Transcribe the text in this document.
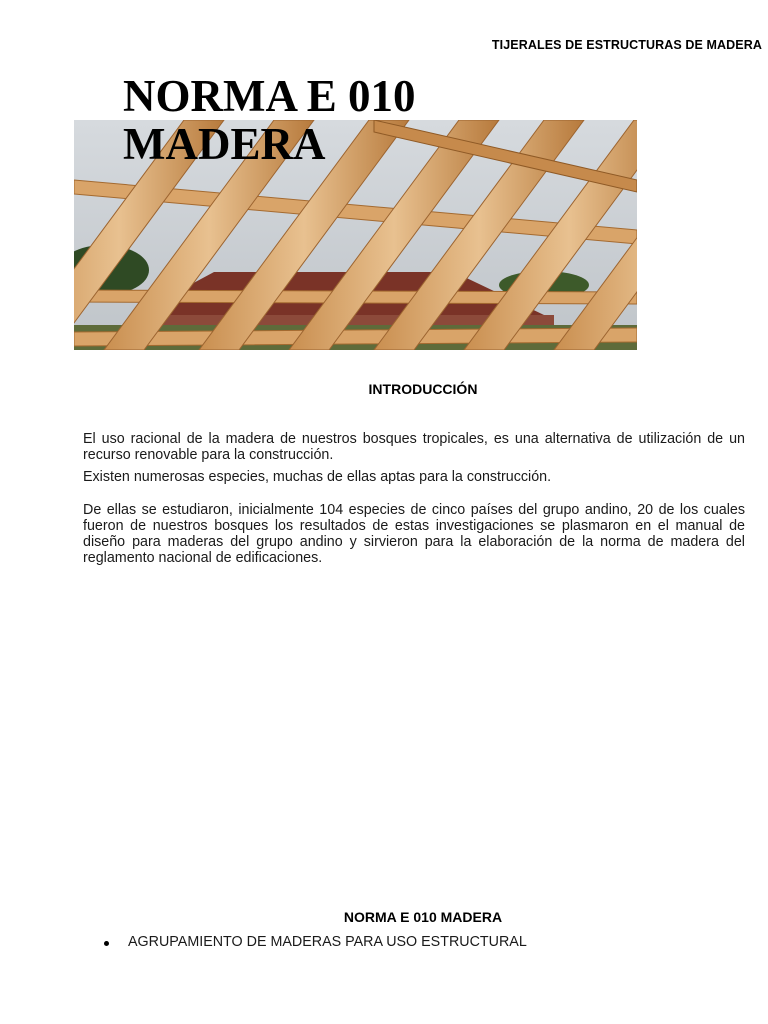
TIJERALES DE ESTRUCTURAS DE MADERA
NORMA E 010
MADERA
INTRODUCCIÓN

El uso racional de la madera de nuestros bosques tropicales, es una alternativa de utilización de un recurso renovable para la construcción.

Existen numerosas especies, muchas de ellas aptas para la construcción.

De ellas se estudiaron, inicialmente 104 especies de cinco países del grupo andino, 20 de los cuales fueron de nuestros bosques los resultados de estas investigaciones se plasmaron en el manual de diseño para maderas del grupo andino y sirvieron para la elaboración de la norma de madera del reglamento nacional de edificaciones.

NORMA E 010 MADERA
AGRUPAMIENTO DE MADERAS PARA USO ESTRUCTURAL
